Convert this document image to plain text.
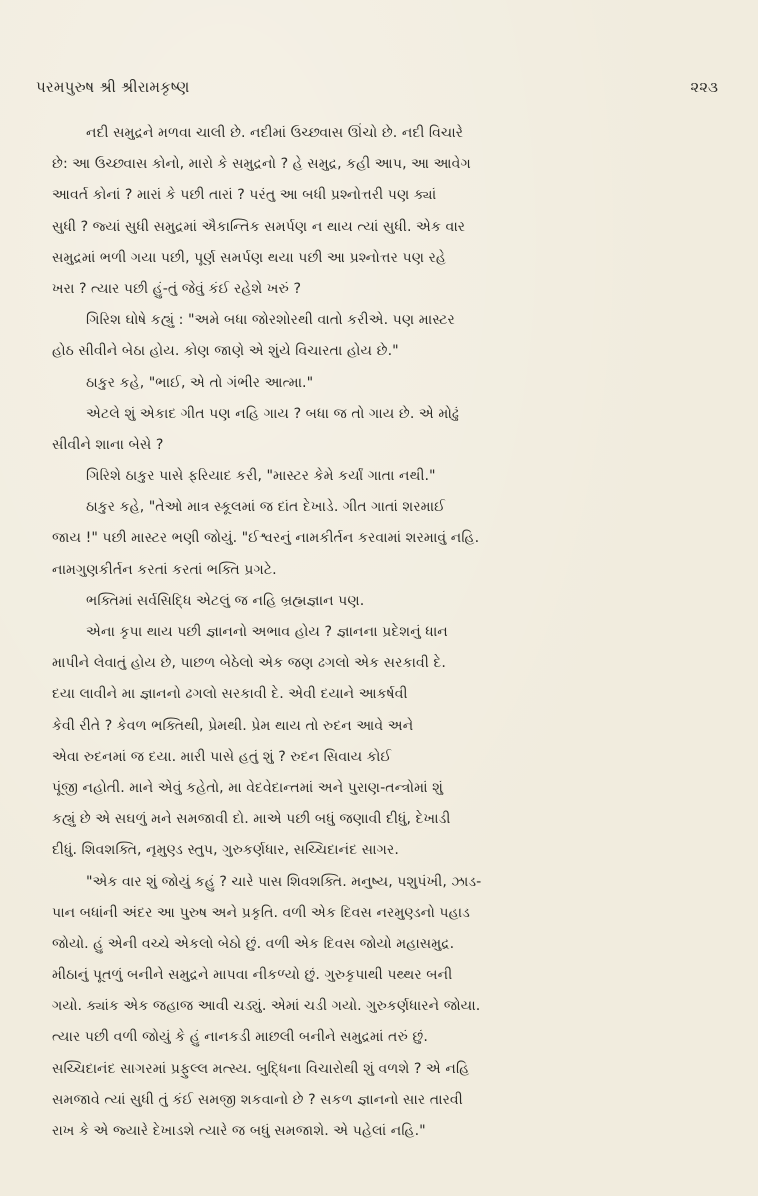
પરમપુરુષ શ્રી શ્રીરામકૃષ્ણ	૨૨૩
નદી સમુદ્રને મળવા ચાલી છે. નદીમાં ઉચ્છ્વાસ ઊંચો છે. નદી વિચારે
છે: આ ઉચ્છ્વાસ કોનો, મારો કે સમુદ્રનો ? હે સમુદ્ર, કહી આપ, આ આવેગ
આવર્ત કોનાં ? મારાં કે પછી તારાં ? પરંતુ આ બધી પ્રશ્નોત્તરી પણ ક્યાં
સુધી ? જ્યાં સુધી સમુદ્રમાં ઐકાન્તિક સમર્પણ ન થાય ત્યાં સુધી. એક વાર
સમુદ્રમાં ભળી ગયા પછી, પૂર્ણ સમર્પણ થયા પછી આ પ્રશ્નોત્તર પણ રહે
ખરા ? ત્યાર પછી હું-તું જેવું કંઈ રહેશે ખરું ?
ગિરિશ ઘોષે કહ્યું : "અમે બધા જોરશોરથી વાતો કરીએ. પણ માસ્ટર
હોઠ સીવીને બેઠા હોય. કોણ જાણે એ શુંયે વિચારતા હોય છે."
ઠાકુર કહે, "ભાઈ, એ તો ગંભીર આત્મા."
એટલે શું એકાદ ગીત પણ નહિ ગાય ? બધા જ તો ગાય છે. એ મોઢું
સીવીને શાના બેસે ?
ગિરિશે ઠાકુર પાસે ફરિયાદ કરી, "માસ્ટર કેમે કર્યાં ગાતા નથી."
ઠાકુર કહે, "તેઓ માત્ર સ્કૂલમાં જ દાંત દેખાડે. ગીત ગાતાં શરમાઈ
જાય !" પછી માસ્ટર ભણી જોયું. "ઈશ્વરનું નામકીર્તન કરવામાં શરમાવું નહિ.
નામગુણકીર્તન કરતાં કરતાં ભક્તિ પ્રગટે.
ભક્તિમાં સર્વસિદ્ધિ એટલું જ નહિ બ્રહ્મજ્ઞાન પણ.
એના કૃપા થાય પછી જ્ઞાનનો અભાવ હોય ? જ્ઞાનના પ્રદેશનું ધાન
માપીને લેવાતું હોય છે, પાછળ બેઠેલો એક જણ ઢગલો એક સરકાવી દે.
દયા લાવીને મા જ્ઞાનનો ઢગલો સરકાવી દે. એવી દયાને આકર્ષવી
કેવી રીતે ? કેવળ ભક્તિથી, પ્રેમથી. પ્રેમ થાય તો રુદન આવે અને
એવા રુદનમાં જ દયા. મારી પાસે હતું શું ? રુદન સિવાય કોઈ
પૂંજી નહોતી. માને એવું કહેતો, મા વેદવેદાન્તમાં અને પુરાણ-તન્ત્રોમાં શું
કહ્યું છે એ સઘળું મને સમજાવી દો. માએ પછી બધું જણાવી દીધું, દેખાડી
દીધું. શિવશક્તિ, નૃમુણ્ડ સ્તુપ, ગુરુકર્ણધાર, સચ્ચિદાનંદ સાગર.
"એક વાર શું જોયું કહું ? ચારે પાસ શિવશક્તિ. મનુષ્ય, પશુપંખી, ઝાડ-
પાન બધાંની અંદર આ પુરુષ અને પ્રકૃતિ. વળી એક દિવસ નરમુણ્ડનો પહાડ
જોયો. હું એની વચ્ચે એકલો બેઠો છું. વળી એક દિવસ જોયો મહાસમુદ્ર.
મીઠાનું પૂતળું બનીને સમુદ્રને માપવા નીકળ્યો છું. ગુરુકૃપાથી પથ્થર બની
ગયો. ક્યાંક એક જહાજ આવી ચડ્યું. એમાં ચડી ગયો. ગુરુકર્ણધારને જોયા.
ત્યાર પછી વળી જોયું કે હું નાનકડી માછલી બનીને સમુદ્રમાં તરું છું.
સચ્ચિદાનંદ સાગરમાં પ્રફુલ્લ મત્સ્ય. બુદ્ધિના વિચારોથી શું વળશે ? એ નહિ
સમજાવે ત્યાં સુધી તું કંઈ સમજી શકવાનો છે ? સકળ જ્ઞાનનો સાર તારવી
રાખ કે એ જ્યારે દેખાડશે ત્યારે જ બધું સમજાશે. એ પહેલાં નહિ."
